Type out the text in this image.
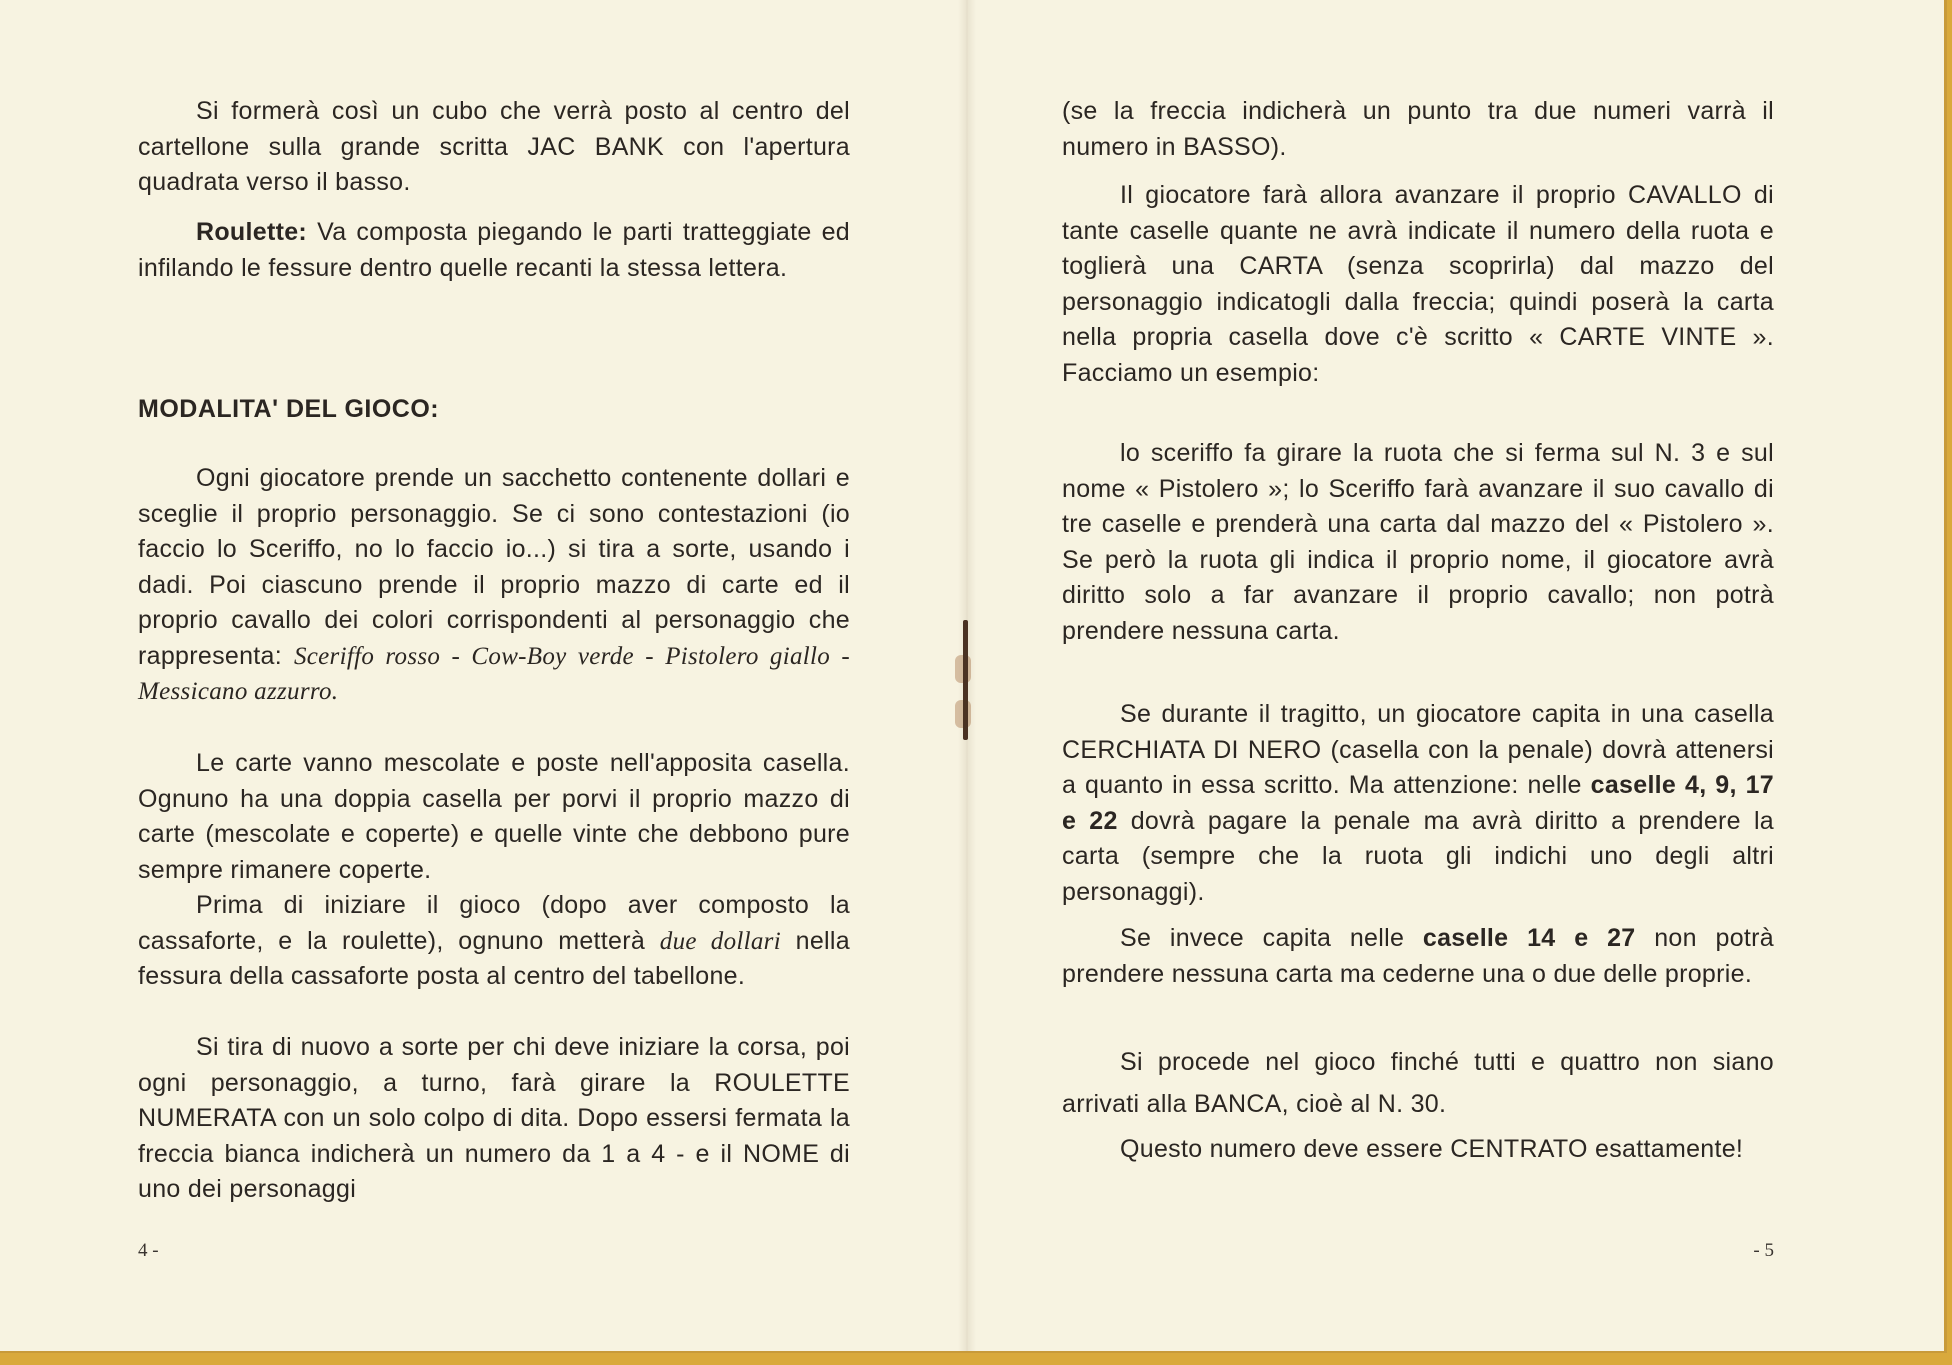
Si formerà così un cubo che verrà posto al centro del cartellone sulla grande scritta JAC BANK con l'apertura quadrata verso il basso.

Roulette: Va composta piegando le parti tratteggiate ed infilando le fessure dentro quelle recanti la stessa lettera.

MODALITA' DEL GIOCO:

Ogni giocatore prende un sacchetto contenente dollari e sceglie il proprio personaggio. Se ci sono contestazioni (io faccio lo Sceriffo, no lo faccio io...) si tira a sorte, usando i dadi. Poi ciascuno prende il proprio mazzo di carte ed il proprio cavallo dei colori corrispondenti al personaggio che rappresenta: Sceriffo rosso - Cow-Boy verde - Pistolero giallo - Messicano azzurro.

Le carte vanno mescolate e poste nell'apposita casella. Ognuno ha una doppia casella per porvi il proprio mazzo di carte (mescolate e coperte) e quelle vinte che debbono pure sempre rimanere coperte.

Prima di iniziare il gioco (dopo aver composto la cassaforte, e la roulette), ognuno metterà due dollari nella fessura della cassaforte posta al centro del tabellone.

Si tira di nuovo a sorte per chi deve iniziare la corsa, poi ogni personaggio, a turno, farà girare la ROULETTE NUMERATA con un solo colpo di dita. Dopo essersi fermata la freccia bianca indicherà un numero da 1 a 4 - e il NOME di uno dei personaggi

4 -

(se la freccia indicherà un punto tra due numeri varrà il numero in BASSO).

Il giocatore farà allora avanzare il proprio CAVALLO di tante caselle quante ne avrà indicate il numero della ruota e toglierà una CARTA (senza scoprirla) dal mazzo del personaggio indicatogli dalla freccia; quindi poserà la carta nella propria casella dove c'è scritto « CARTE VINTE ». Facciamo un esempio:

lo sceriffo fa girare la ruota che si ferma sul N. 3 e sul nome « Pistolero »; lo Sceriffo farà avanzare il suo cavallo di tre caselle e prenderà una carta dal mazzo del « Pistolero ». Se però la ruota gli indica il proprio nome, il giocatore avrà diritto solo a far avanzare il proprio cavallo; non potrà prendere nessuna carta.

Se durante il tragitto, un giocatore capita in una casella CERCHIATA DI NERO (casella con la penale) dovrà attenersi a quanto in essa scritto. Ma attenzione: nelle caselle 4, 9, 17 e 22 dovrà pagare la penale ma avrà diritto a prendere la carta (sempre che la ruota gli indichi uno degli altri personaggi).

Se invece capita nelle caselle 14 e 27 non potrà prendere nessuna carta ma cederne una o due delle proprie.

Si procede nel gioco finché tutti e quattro non siano arrivati alla BANCA, cioè al N. 30.

Questo numero deve essere CENTRATO esattamente!

- 5
